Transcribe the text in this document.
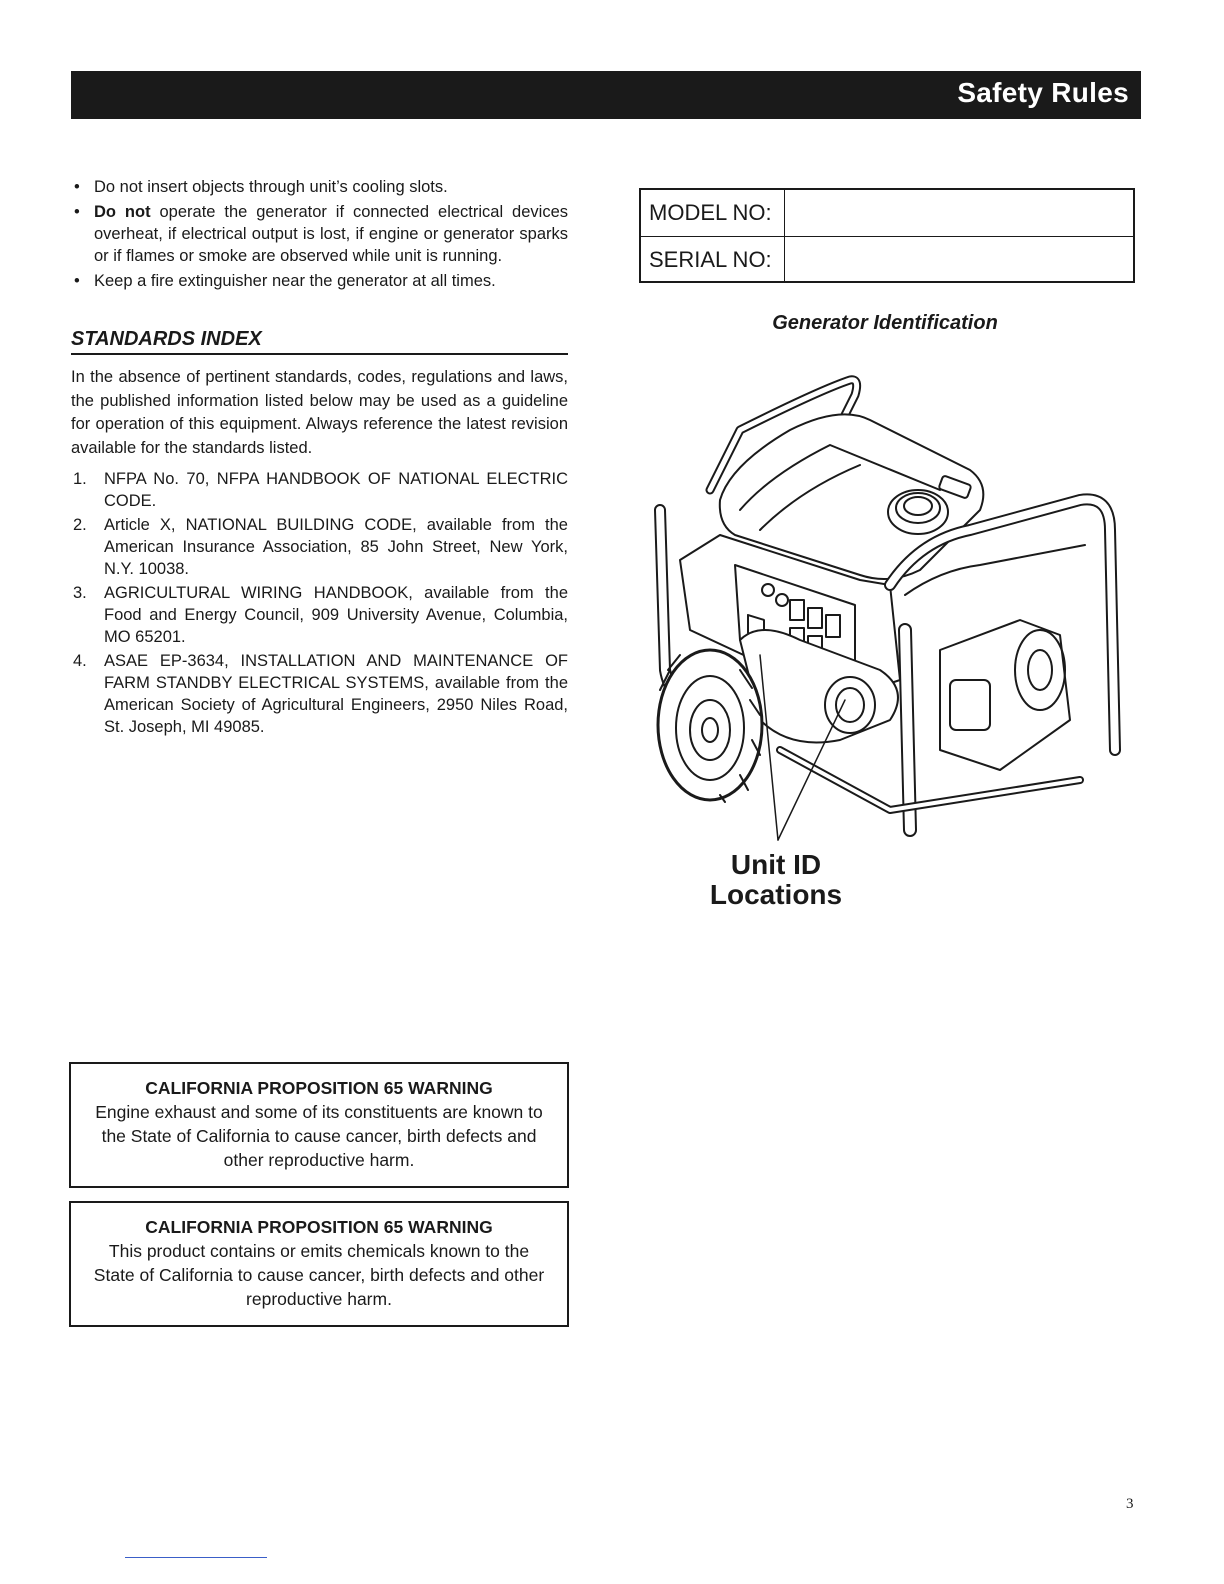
Safety Rules
• Do not insert objects through unit’s cooling slots.
• Do not operate the generator if connected electrical devices overheat, if electrical output is lost, if engine or generator sparks or if flames or smoke are observed while unit is running.
• Keep a fire extinguisher near the generator at all times.
STANDARDS INDEX

In the absence of pertinent standards, codes, regulations and laws, the published information listed below may be used as a guideline for operation of this equipment. Always reference the latest revision available for the standards listed.

1. NFPA No. 70, NFPA HANDBOOK OF NATIONAL ELECTRIC CODE.
2. Article X, NATIONAL BUILDING CODE, available from the American Insurance Association, 85 John Street, New York, N.Y. 10038.
3. AGRICULTURAL WIRING HANDBOOK, available from the Food and Energy Council, 909 University Avenue, Columbia, MO 65201.
4. ASAE EP-3634, INSTALLATION AND MAINTENANCE OF FARM STANDBY ELECTRICAL SYSTEMS, available from the American Society of Agricultural Engineers, 2950 Niles Road, St. Joseph, MI 49085.
MODEL NO:
SERIAL NO:
Generator Identification
Unit ID
Locations
CALIFORNIA PROPOSITION 65 WARNING
Engine exhaust and some of its constituents are known to the State of California to cause cancer, birth defects and other reproductive harm.
CALIFORNIA PROPOSITION 65 WARNING
This product contains or emits chemicals known to the State of California to cause cancer, birth defects and other reproductive harm.
3
